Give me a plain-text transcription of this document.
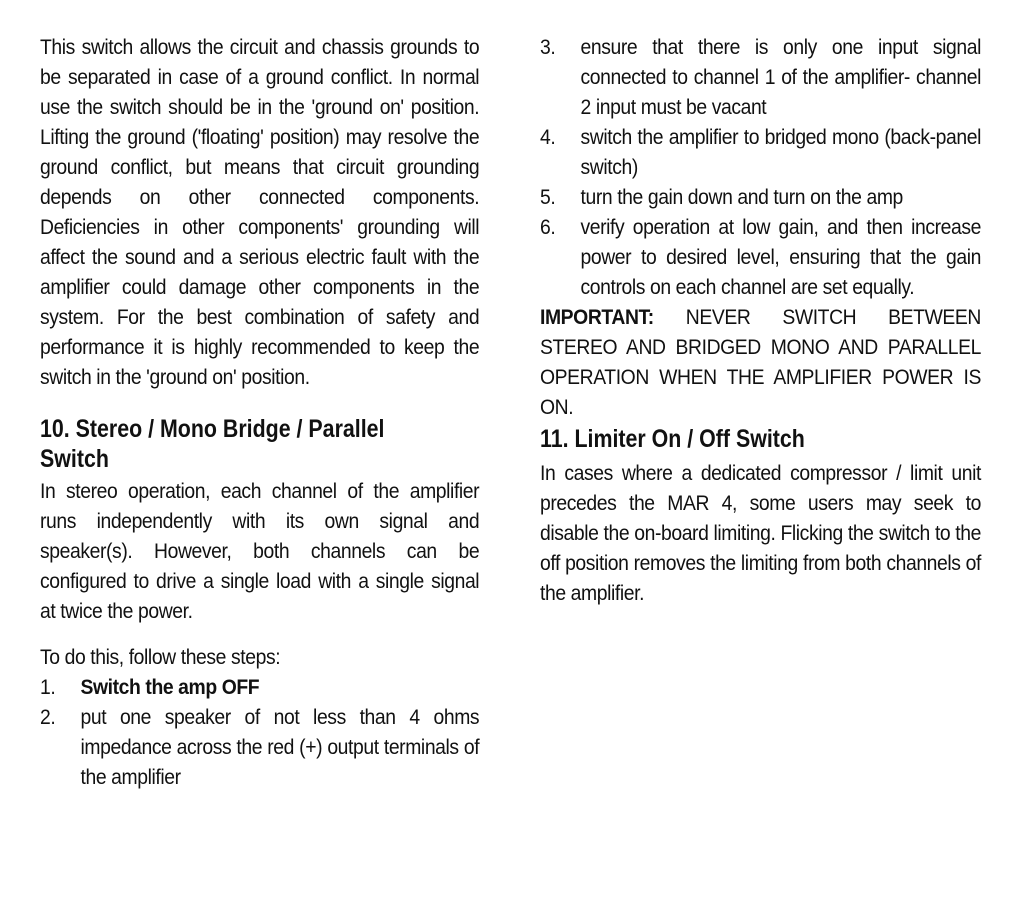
This switch allows the circuit and chassis grounds to be separated in case of a ground conflict. In normal use the switch should be in the 'ground on' position. Lifting the ground ('floating' position) may resolve the ground conflict, but means that circuit grounding depends on other connected components. Deficiencies in other components' grounding will affect the sound and a serious electric fault with the amplifier could damage other components in the system. For the best combination of safety and performance it is highly recommended to keep the switch in the 'ground on' position.

10. Stereo / Mono Bridge / Parallel Switch

In stereo operation, each channel of the amplifier runs independently with its own signal and speaker(s). However, both channels can be configured to drive a single load with a single signal at twice the power.

To do this, follow these steps:

1.	Switch the amp OFF
2.	put one speaker of not less than 4 ohms impedance across the red (+) output terminals of the amplifier
3.	ensure that there is only one input signal connected to channel 1 of the amplifier- channel 2 input must be vacant
4.	switch the amplifier to bridged mono (back-panel switch)
5.	turn the gain down and turn on the amp
6.	verify operation at low gain, and then increase power to desired level, ensuring that the gain controls on each channel are set equally.

IMPORTANT: NEVER SWITCH BETWEEN STEREO AND BRIDGED MONO AND PARALLEL OPERATION WHEN THE AMPLIFIER POWER IS ON.

11. Limiter On / Off Switch

In cases where a dedicated compressor / limit unit precedes the MAR 4, some users may seek to disable the on-board limiting. Flicking the switch to the off position removes the limiting from both channels of the amplifier.
